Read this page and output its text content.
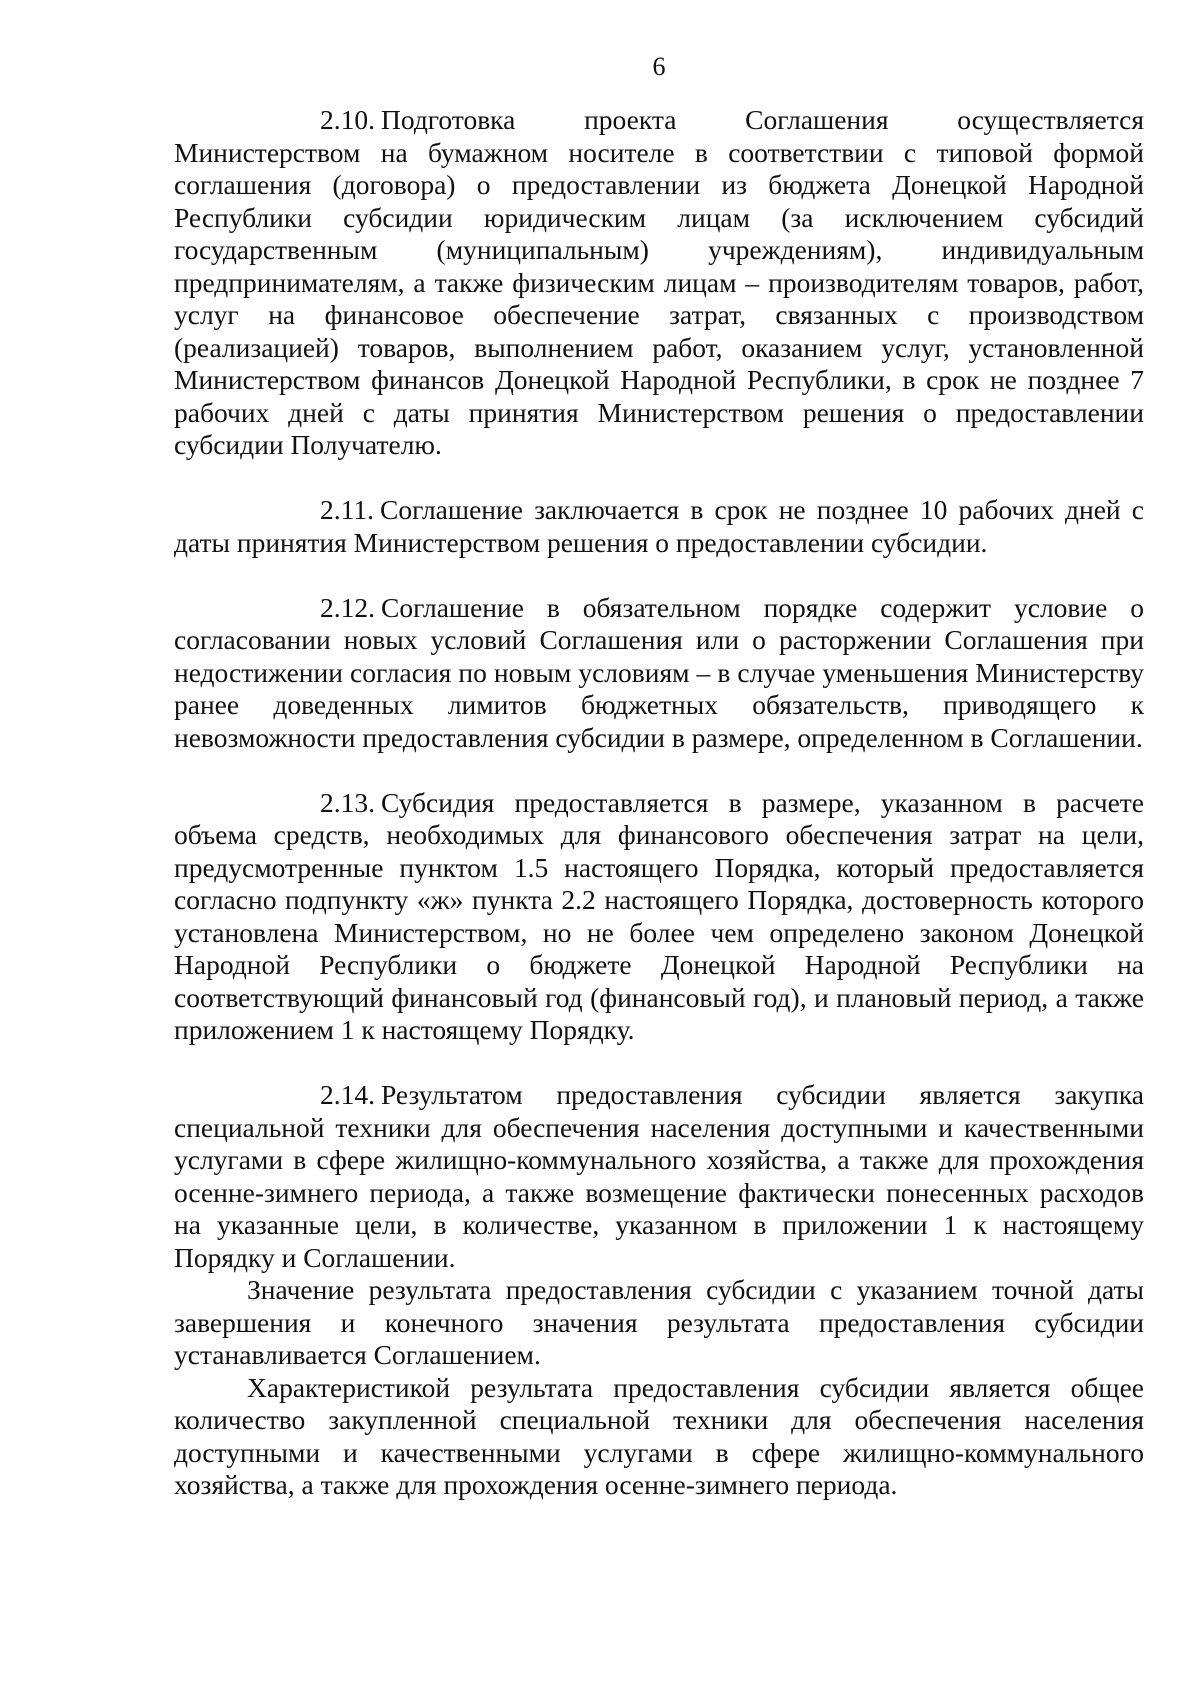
6

2.10. Подготовка проекта Соглашения осуществляется Министерством на бумажном носителе в соответствии с типовой формой соглашения (договора) о предоставлении из бюджета Донецкой Народной Республики субсидии юридическим лицам (за исключением субсидий государственным (муниципальным) учреждениям), индивидуальным предпринимателям, а также физическим лицам – производителям товаров, работ, услуг на финансовое обеспечение затрат, связанных с производством (реализацией) товаров, выполнением работ, оказанием услуг, установленной Министерством финансов Донецкой Народной Республики, в срок не позднее 7 рабочих дней с даты принятия Министерством решения о предоставлении субсидии Получателю.

2.11. Соглашение заключается в срок не позднее 10 рабочих дней с даты принятия Министерством решения о предоставлении субсидии.

2.12. Соглашение в обязательном порядке содержит условие о согласовании новых условий Соглашения или о расторжении Соглашения при недостижении согласия по новым условиям – в случае уменьшения Министерству ранее доведенных лимитов бюджетных обязательств, приводящего к невозможности предоставления субсидии в размере, определенном в Соглашении.

2.13. Субсидия предоставляется в размере, указанном в расчете объема средств, необходимых для финансового обеспечения затрат на цели, предусмотренные пунктом 1.5 настоящего Порядка, который предоставляется согласно подпункту «ж» пункта 2.2 настоящего Порядка, достоверность которого установлена Министерством, но не более чем определено законом Донецкой Народной Республики о бюджете Донецкой Народной Республики на соответствующий финансовый год (финансовый год), и плановый период, а также приложением 1 к настоящему Порядку.

2.14. Результатом предоставления субсидии является закупка специальной техники для обеспечения населения доступными и качественными услугами в сфере жилищно-коммунального хозяйства, а также для прохождения осенне-зимнего периода, а также возмещение фактически понесенных расходов на указанные цели, в количестве, указанном в приложении 1 к настоящему Порядку и Соглашении.

Значение результата предоставления субсидии с указанием точной даты завершения и конечного значения результата предоставления субсидии устанавливается Соглашением.

Характеристикой результата предоставления субсидии является общее количество закупленной специальной техники для обеспечения населения доступными и качественными услугами в сфере жилищно-коммунального хозяйства, а также для прохождения осенне-зимнего периода.
